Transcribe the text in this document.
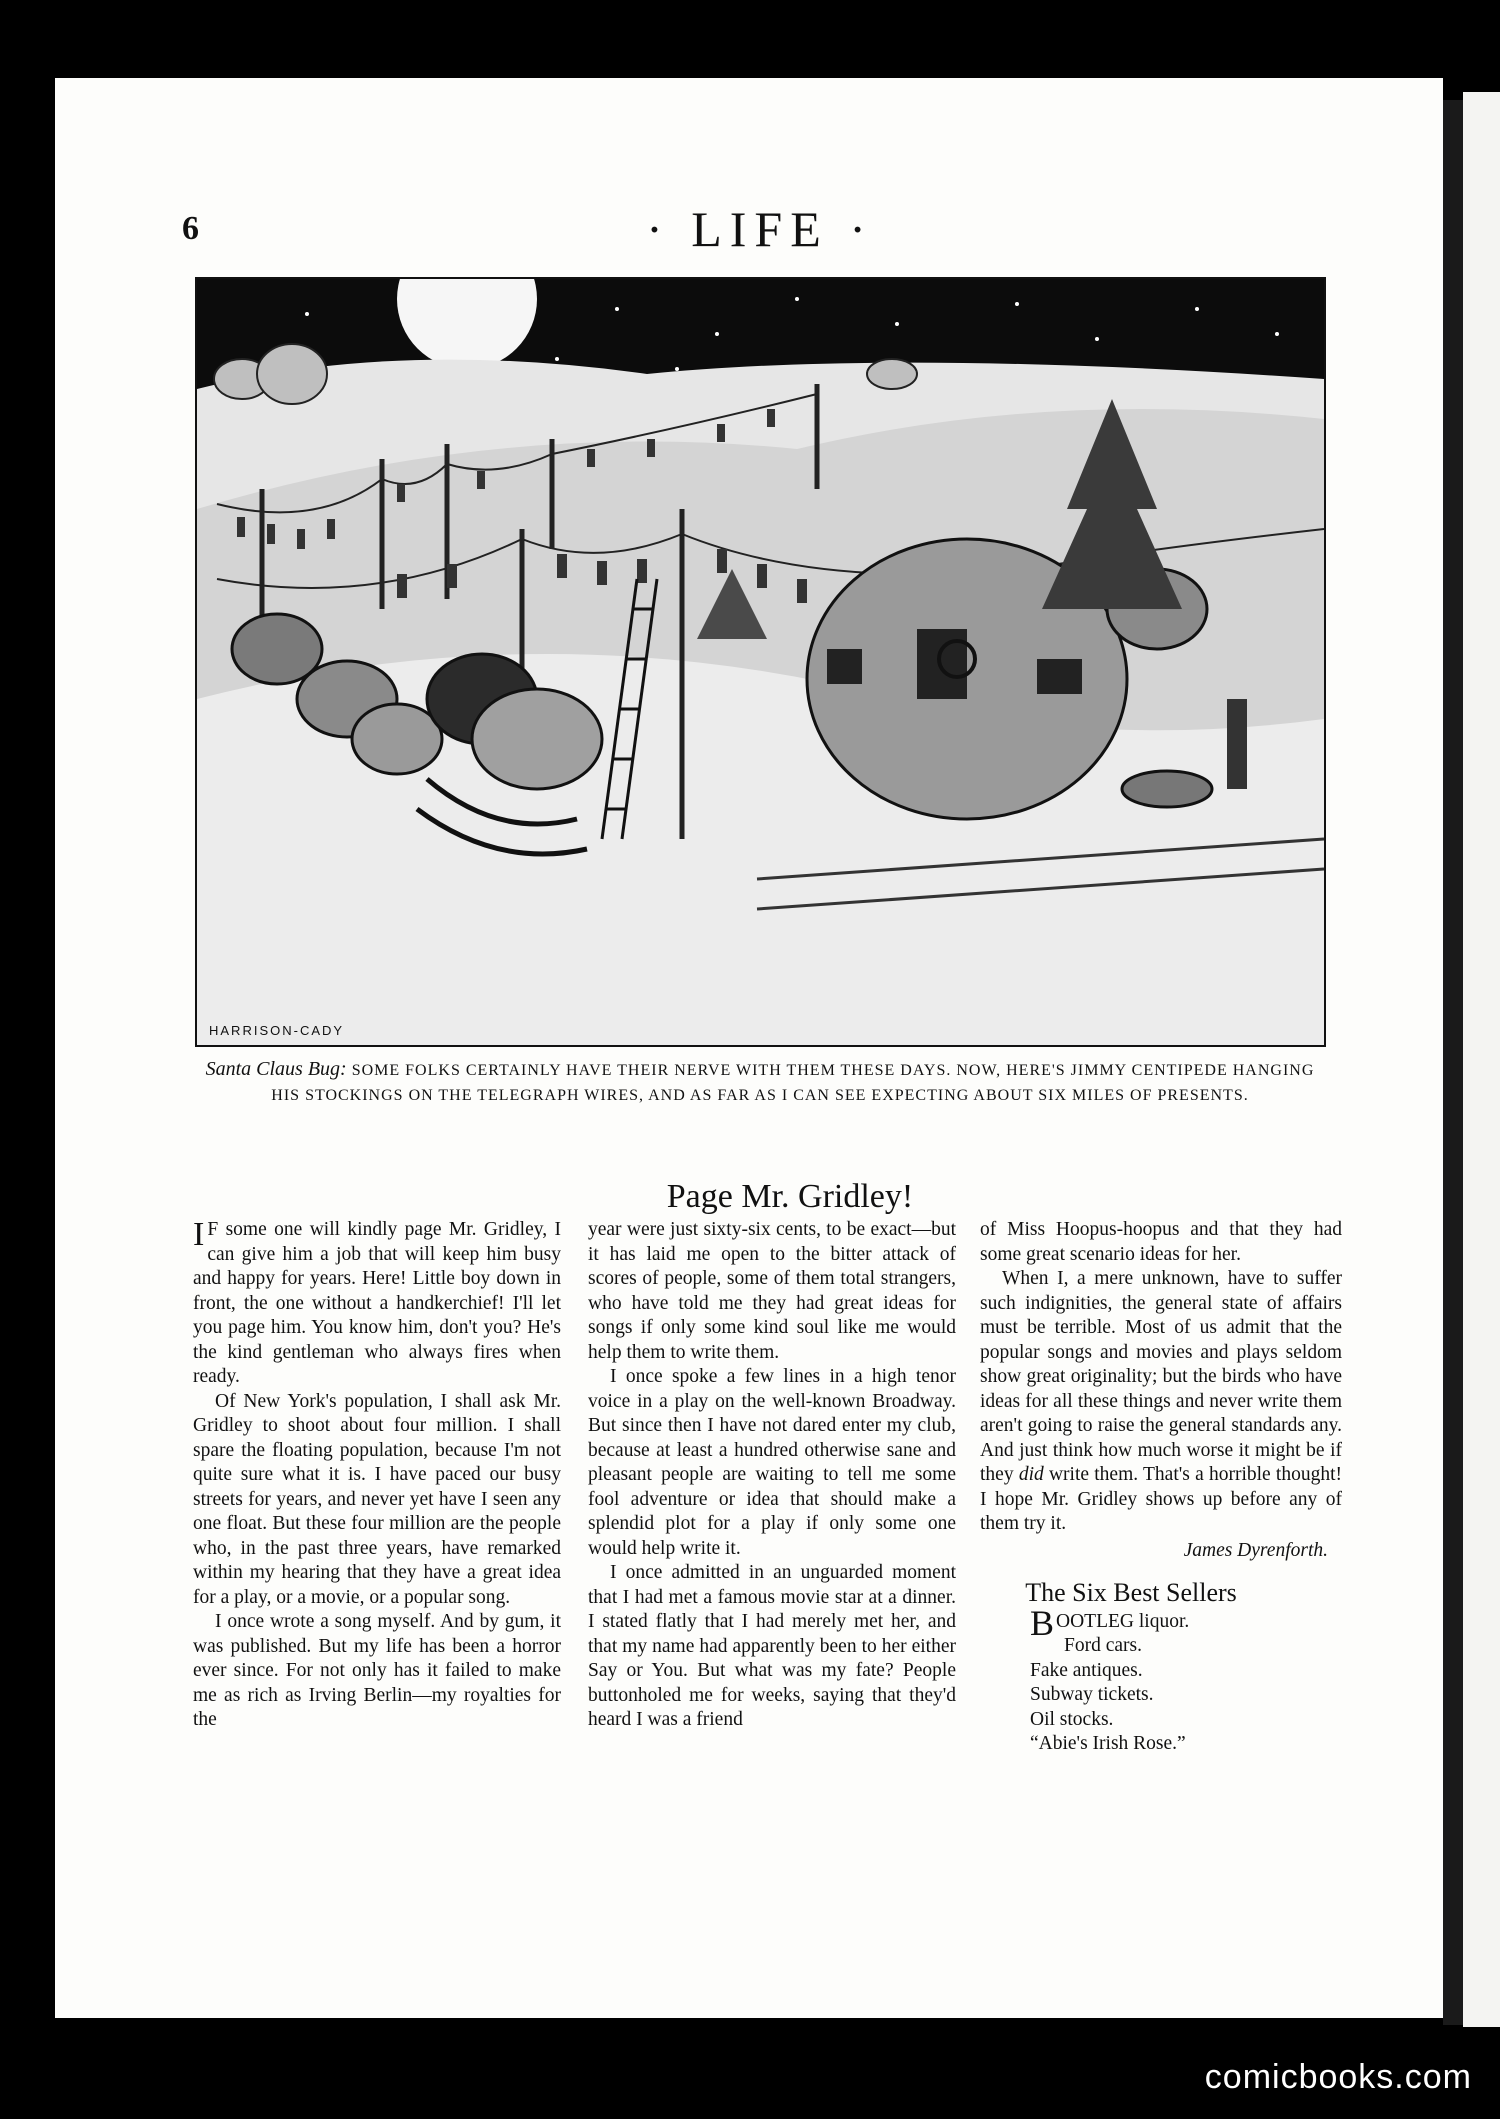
6	· LIFE ·
HARRISON-CADY
Santa Claus Bug: SOME FOLKS CERTAINLY HAVE THEIR NERVE WITH THEM THESE DAYS. NOW, HERE'S JIMMY CENTIPEDE HANGING HIS STOCKINGS ON THE TELEGRAPH WIRES, AND AS FAR AS I CAN SEE EXPECTING ABOUT SIX MILES OF PRESENTS.
Page Mr. Gridley!

I F some one will kindly page Mr. Gridley, I can give him a job that will keep him busy and happy for years. Here! Little boy down in front, the one without a handkerchief! I'll let you page him. You know him, don't you? He's the kind gentleman who always fires when ready.

Of New York's population, I shall ask Mr. Gridley to shoot about four million. I shall spare the floating population, because I'm not quite sure what it is. I have paced our busy streets for years, and never yet have I seen any one float. But these four million are the people who, in the past three years, have remarked within my hearing that they have a great idea for a play, or a movie, or a popular song.

I once wrote a song myself. And by gum, it was published. But my life has been a horror ever since. For not only has it failed to make me as rich as Irving Berlin—my royalties for the

year were just sixty-six cents, to be exact—but it has laid me open to the bitter attack of scores of people, some of them total strangers, who have told me they had great ideas for songs if only some kind soul like me would help them to write them.

I once spoke a few lines in a high tenor voice in a play on the well-known Broadway. But since then I have not dared enter my club, because at least a hundred otherwise sane and pleasant people are waiting to tell me some fool adventure or idea that should make a splendid plot for a play if only some one would help write it.

I once admitted in an unguarded moment that I had met a famous movie star at a dinner. I stated flatly that I had merely met her, and that my name had apparently been to her either Say or You. But what was my fate? People buttonholed me for weeks, saying that they'd heard I was a friend

of Miss Hoopus-hoopus and that they had some great scenario ideas for her.

When I, a mere unknown, have to suffer such indignities, the general state of affairs must be terrible. Most of us admit that the popular songs and movies and plays seldom show great originality; but the birds who have ideas for all these things and never write them aren't going to raise the general standards any. And just think how much worse it might be if they did write them. That's a horrible thought! I hope Mr. Gridley shows up before any of them try it.

James Dyrenforth.
The Six Best Sellers
BOOTLEG liquor.
Ford cars.
Fake antiques.
Subway tickets.
Oil stocks.
“Abie's Irish Rose.”
comicbooks.com
